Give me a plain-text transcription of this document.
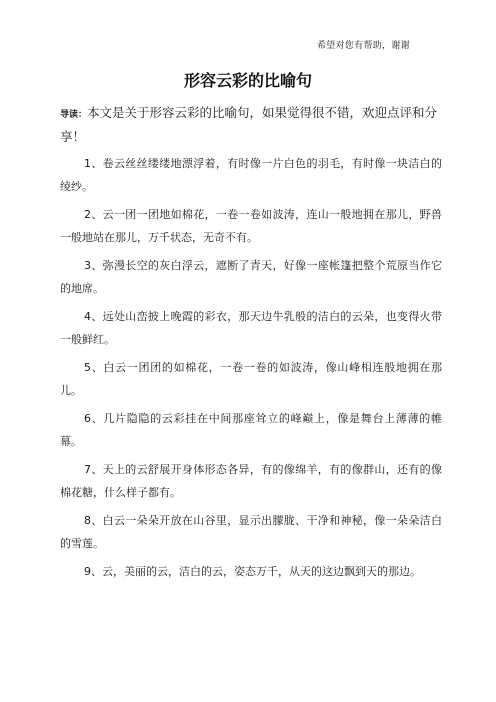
希望对您有帮助，谢谢
形容云彩的比喻句
导读：本文是关于形容云彩的比喻句，如果觉得很不错，欢迎点评和分享！

1、卷云丝丝缕缕地漂浮着，有时像一片白色的羽毛，有时像一块洁白的绫纱。

2、云一团一团地如棉花，一卷一卷如波涛，连山一般地拥在那儿，野兽一般地站在那儿，万千状态，无奇不有。

3、弥漫长空的灰白浮云，遮断了青天，好像一座帐篷把整个荒原当作它的地席。

4、远处山峦披上晚霞的彩衣，那天边牛乳般的洁白的云朵，也变得火带一般鲜红。

5、白云一团团的如棉花，一卷一卷的如波涛，像山峰相连般地拥在那儿。

6、几片隐隐的云彩挂在中间那座耸立的峰巅上，像是舞台上薄薄的帷幕。

7、天上的云舒展开身体形态各异，有的像绵羊，有的像群山，还有的像棉花糖，什么样子都有。

8、白云一朵朵开放在山谷里，显示出朦胧、干净和神秘，像一朵朵洁白的雪莲。

9、云，美丽的云，洁白的云，姿态万千，从天的这边飘到天的那边。
